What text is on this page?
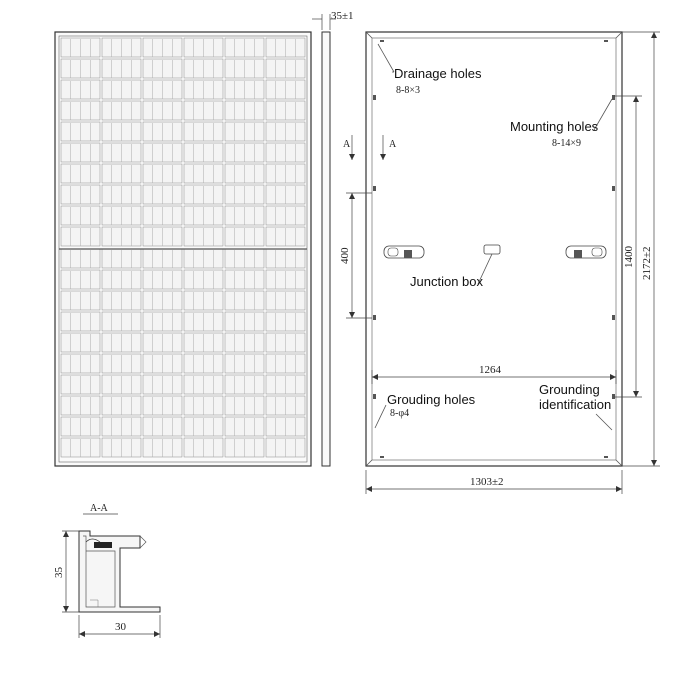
35±1
A	A
400	1400 2172±2
1264
1303±2
Drainage holes
8-8×3
Mounting holes
8-14×9
Junction box
Grouding holes
8-φ4
Grounding
identification
A-A
35
30
